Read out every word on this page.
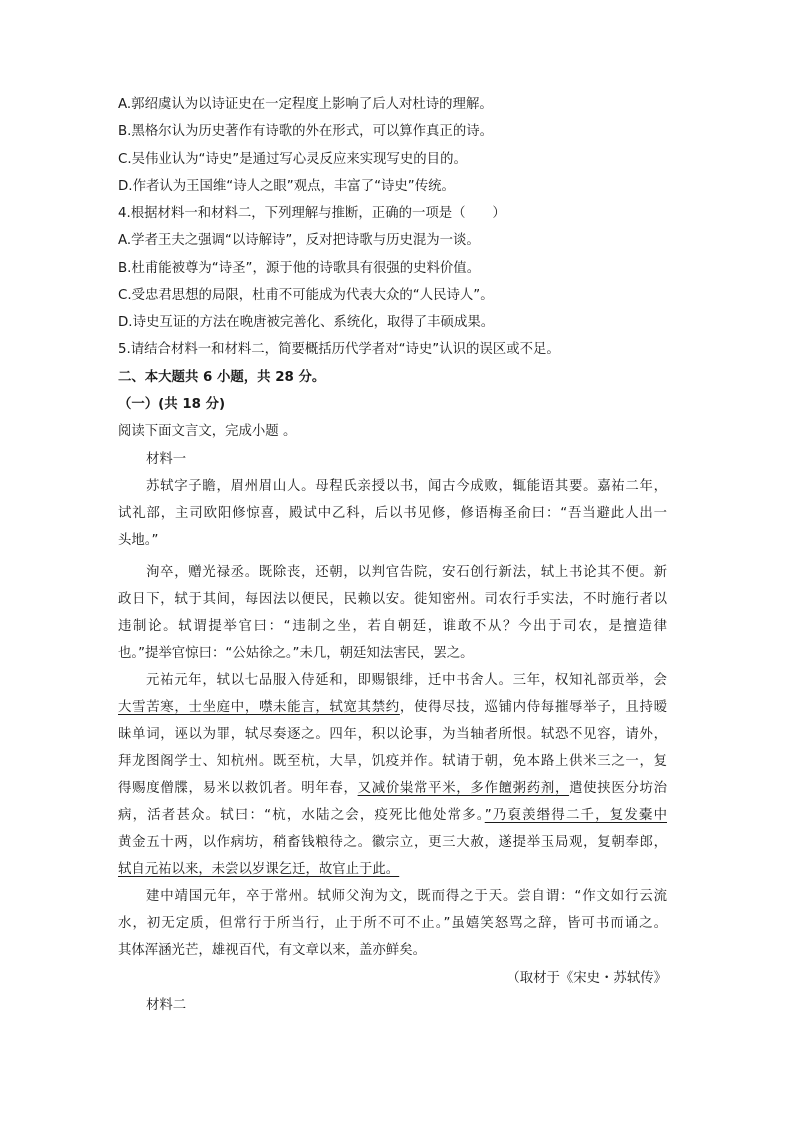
A.郭绍虞认为以诗证史在一定程度上影响了后人对杜诗的理解。
B.黑格尔认为历史著作有诗歌的外在形式，可以算作真正的诗。
C.吴伟业认为“诗史”是通过写心灵反应来实现写史的目的。
D.作者认为王国维“诗人之眼”观点，丰富了“诗史”传统。
4.根据材料一和材料二，下列理解与推断，正确的一项是（　　）
A.学者王夫之强调“以诗解诗”，反对把诗歌与历史混为一谈。
B.杜甫能被尊为“诗圣”，源于他的诗歌具有很强的史料价值。
C.受忠君思想的局限，杜甫不可能成为代表大众的“人民诗人”。
D.诗史互证的方法在晚唐被完善化、系统化，取得了丰硕成果。
5.请结合材料一和材料二，简要概括历代学者对“诗史”认识的误区或不足。
二、本大题共 6 小题，共 28 分。
（一）(共 18 分)
阅读下面文言文，完成小题 。
材料一
苏轼字子瞻，眉州眉山人。母程氏亲授以书，闻古今成败，辄能语其要。嘉祐二年，
试礼部，主司欧阳修惊喜，殿试中乙科，后以书见修，修语梅圣俞曰：“吾当避此人出一
头地。”
洵卒，赠光禄丞。既除丧，还朝，以判官告院，安石创行新法，轼上书论其不便。新
政日下，轼于其间，每因法以便民，民赖以安。徙知密州。司农行手实法，不时施行者以
违制论。轼谓提举官曰：“违制之坐，若自朝廷，谁敢不从？今出于司农，是擅造律
也。”提举官惊曰：“公姑徐之。”未几，朝廷知法害民，罢之。
元祐元年，轼以七品服入侍延和，即赐银绯，迁中书舍人。三年，权知礼部贡举，会
大雪苦寒，士坐庭中，噤未能言，轼宽其禁约，使得尽技，巡铺内侍每摧辱举子，且持暧
昧单词，诬以为罪，轼尽奏逐之。四年，积以论事，为当轴者所恨。轼恐不见容，请外，
拜龙图阁学士、知杭州。既至杭，大旱，饥疫并作。轼请于朝，免本路上供米三之一，复
得赐度僧牒，易米以救饥者。明年春，又减价粜常平米，多作饘粥药剂，遣使挟医分坊治
病，活者甚众。轼曰：“杭，水陆之会，疫死比他处常多。”乃裒羡缗得二千，复发橐中
黄金五十两，以作病坊，稍畜钱粮待之。徽宗立，更三大赦，遂提举玉局观，复朝奉郎，
轼自元祐以来，未尝以岁课乞迁，故官止于此。
建中靖国元年，卒于常州。轼师父洵为文，既而得之于天。尝自谓：“作文如行云流
水，初无定质，但常行于所当行，止于所不可不止。”虽嬉笑怒骂之辞，皆可书而诵之。
其体浑涵光芒，雄视百代，有文章以来，盖亦鲜矣。
（取材于《宋史・苏轼传》
材料二
